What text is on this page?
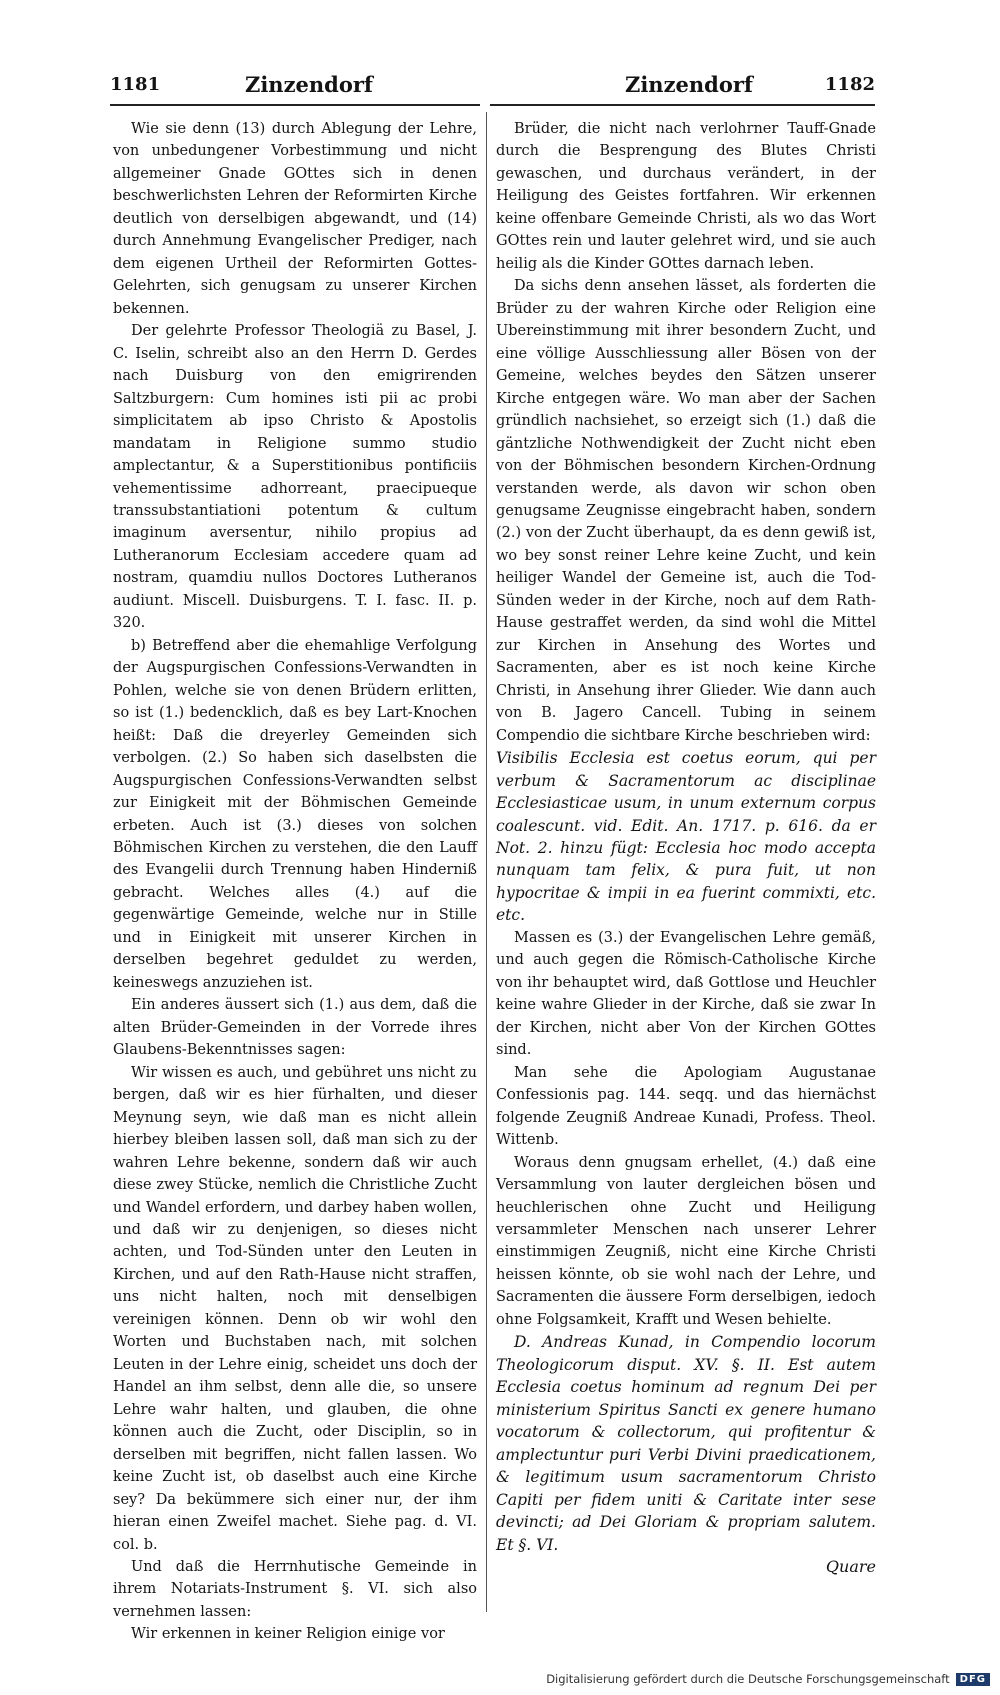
1181	Zinzendorf	Zinzendorf	1182

Wie sie denn (13) durch Ablegung der Lehre, von unbedungener Vorbestimmung und nicht allgemeiner Gnade GOttes sich in denen beschwerlichsten Lehren der Reformirten Kirche deutlich von derselbigen abgewandt, und (14) durch Annehmung Evangelischer Prediger, nach dem eigenen Urtheil der Reformirten Gottes-Gelehrten, sich genugsam zu unserer Kirchen bekennen.

Der gelehrte Professor Theologiä zu Basel, J. C. Iselin, schreibt also an den Herrn D. Gerdes nach Duisburg von den emigrirenden Saltzburgern: Cum homines isti pii ac probi simplicitatem ab ipso Christo & Apostolis mandatam in Religione summo studio amplectantur, & a Superstitionibus pontificiis vehementissime adhorreant, praecipueque transsubstantiationi potentum & cultum imaginum aversentur, nihilo propius ad Lutheranorum Ecclesiam accedere quam ad nostram, quamdiu nullos Doctores Lutheranos audiunt. Miscell. Duisburgens. T. I. fasc. II. p. 320.

b) Betreffend aber die ehemahlige Verfolgung der Augspurgischen Confessions-Verwandten in Pohlen, welche sie von denen Brüdern erlitten, so ist (1.) bedencklich, daß es bey Lart-Knochen heißt: Daß die dreyerley Gemeinden sich verbolgen. (2.) So haben sich daselbsten die Augspurgischen Confessions-Verwandten selbst zur Einigkeit mit der Böhmischen Gemeinde erbeten. Auch ist (3.) dieses von solchen Böhmischen Kirchen zu verstehen, die den Lauff des Evangelii durch Trennung haben Hinderniß gebracht. Welches alles (4.) auf die gegenwärtige Gemeinde, welche nur in Stille und in Einigkeit mit unserer Kirchen in derselben begehret geduldet zu werden, keineswegs anzuziehen ist.

Ein anderes äussert sich (1.) aus dem, daß die alten Brüder-Gemeinden in der Vorrede ihres Glaubens-Bekenntnisses sagen:

Wir wissen es auch, und gebühret uns nicht zu bergen, daß wir es hier fürhalten, und dieser Meynung seyn, wie daß man es nicht allein hierbey bleiben lassen soll, daß man sich zu der wahren Lehre bekenne, sondern daß wir auch diese zwey Stücke, nemlich die Christliche Zucht und Wandel erfordern, und darbey haben wollen, und daß wir zu denjenigen, so dieses nicht achten, und Tod-Sünden unter den Leuten in Kirchen, und auf den Rath-Hause nicht straffen, uns nicht halten, noch mit denselbigen vereinigen können. Denn ob wir wohl den Worten und Buchstaben nach, mit solchen Leuten in der Lehre einig, scheidet uns doch der Handel an ihm selbst, denn alle die, so unsere Lehre wahr halten, und glauben, die ohne können auch die Zucht, oder Disciplin, so in derselben mit begriffen, nicht fallen lassen. Wo keine Zucht ist, ob daselbst auch eine Kirche sey? Da bekümmere sich einer nur, der ihm hieran einen Zweifel machet. Siehe pag. d. VI. col. b.

Und daß die Herrnhutische Gemeinde in ihrem Notariats-Instrument §. VI. sich also vernehmen lassen:

Wir erkennen in keiner Religion einige vor

Brüder, die nicht nach verlohrner Tauff-Gnade durch die Besprengung des Blutes Christi gewaschen, und durchaus verändert, in der Heiligung des Geistes fortfahren. Wir erkennen keine offenbare Gemeinde Christi, als wo das Wort GOttes rein und lauter gelehret wird, und sie auch heilig als die Kinder GOttes darnach leben.

Da sichs denn ansehen lässet, als forderten die Brüder zu der wahren Kirche oder Religion eine Ubereinstimmung mit ihrer besondern Zucht, und eine völlige Ausschliessung aller Bösen von der Gemeine, welches beydes den Sätzen unserer Kirche entgegen wäre. Wo man aber der Sachen gründlich nachsiehet, so erzeigt sich (1.) daß die gäntzliche Nothwendigkeit der Zucht nicht eben von der Böhmischen besondern Kirchen-Ordnung verstanden werde, als davon wir schon oben genugsame Zeugnisse eingebracht haben, sondern (2.) von der Zucht überhaupt, da es denn gewiß ist, wo bey sonst reiner Lehre keine Zucht, und kein heiliger Wandel der Gemeine ist, auch die Tod-Sünden weder in der Kirche, noch auf dem Rath-Hause gestraffet werden, da sind wohl die Mittel zur Kirchen in Ansehung des Wortes und Sacramenten, aber es ist noch keine Kirche Christi, in Ansehung ihrer Glieder. Wie dann auch von B. Jagero Cancell. Tubing in seinem Compendio die sichtbare Kirche beschrieben wird:

Visibilis Ecclesia est coetus eorum, qui per verbum & Sacramentorum ac disciplinae Ecclesiasticae usum, in unum externum corpus coalescunt. vid. Edit. An. 1717. p. 616. da er Not. 2. hinzu fügt: Ecclesia hoc modo accepta nunquam tam felix, & pura fuit, ut non hypocritae & impii in ea fuerint commixti, etc. etc.

Massen es (3.) der Evangelischen Lehre gemäß, und auch gegen die Römisch-Catholische Kirche von ihr behauptet wird, daß Gottlose und Heuchler keine wahre Glieder in der Kirche, daß sie zwar In der Kirchen, nicht aber Von der Kirchen GOttes sind.

Man sehe die Apologiam Augustanae Confessionis pag. 144. seqq. und das hiernächst folgende Zeugniß Andreae Kunadi, Profess. Theol. Wittenb.

Woraus denn gnugsam erhellet, (4.) daß eine Versammlung von lauter dergleichen bösen und heuchlerischen ohne Zucht und Heiligung versammleter Menschen nach unserer Lehrer einstimmigen Zeugniß, nicht eine Kirche Christi heissen könnte, ob sie wohl nach der Lehre, und Sacramenten die äussere Form derselbigen, iedoch ohne Folgsamkeit, Krafft und Wesen behielte.

D. Andreas Kunad, in Compendio locorum Theologicorum disput. XV. §. II. Est autem Ecclesia coetus hominum ad regnum Dei per ministerium Spiritus Sancti ex genere humano vocatorum & collectorum, qui profitentur & amplectuntur puri Verbi Divini praedicationem, & legitimum usum sacramentorum Christo Capiti per fidem uniti & Caritate inter sese devincti; ad Dei Gloriam & propriam salutem. Et §. VI.

Quare

Digitalisierung gefördert durch die Deutsche Forschungsgemeinschaft	DFG
